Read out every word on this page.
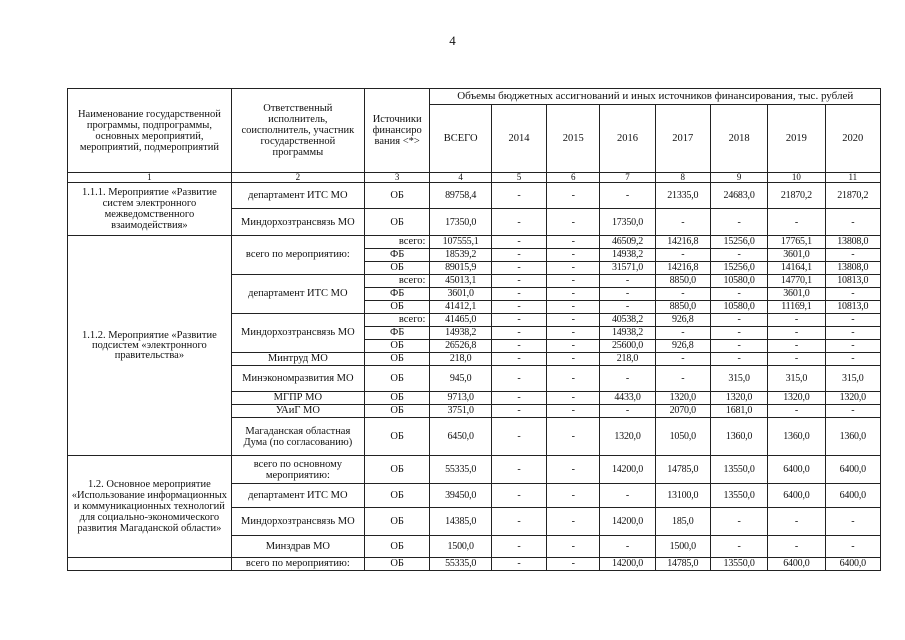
4
Наименование государственной программы, подпрограммы, основных мероприятий, мероприятий, подмероприятий	Ответственный исполнитель, соисполнитель, участник государственной программы	Источники финансиро вания <*>	Объемы бюджетных ассигнований и иных источников финансирования, тыс. рублей							
			ВСЕГО	2014	2015	2016	2017	2018	2019	2020
1	2	3	4	5	6	7	8	9	10	11
1.1.1. Мероприятие «Развитие систем электронного межведомственного взаимодействия»	департамент ИТС МО	ОБ	89758,4	-	-	-	21335,0	24683,0	21870,2	21870,2
	Миндорхозтрансвязь МО	ОБ	17350,0	-	-	17350,0	-	-	-	-
1.1.2. Мероприятие «Развитие подсистем «электронного правительства»	всего по мероприятию:	всего:	107555,1	-	-	46509,2	14216,8	15256,0	17765,1	13808,0
		ФБ	18539,2	-	-	14938,2	-	-	3601,0	-
		ОБ	89015,9	-	-	31571,0	14216,8	15256,0	14164,1	13808,0
	департамент ИТС МО	всего:	45013,1	-	-	-	8850,0	10580,0	14770,1	10813,0
		ФБ	3601,0	-	-	-	-	-	3601,0	-
		ОБ	41412,1	-	-	-	8850,0	10580,0	11169,1	10813,0
	Миндорхозтрансвязь МО	всего:	41465,0	-	-	40538,2	926,8	-	-	-
		ФБ	14938,2	-	-	14938,2	-	-	-	-
		ОБ	26526,8	-	-	25600,0	926,8	-	-	-
	Минтруд МО	ОБ	218,0	-	-	218,0	-	-	-	-
	Минэкономразвития МО	ОБ	945,0	-	-	-	-	315,0	315,0	315,0
	МГПР МО	ОБ	9713,0	-	-	4433,0	1320,0	1320,0	1320,0	1320,0
	УАиГ МО	ОБ	3751,0	-	-	-	2070,0	1681,0	-	-
	Магаданская областная Дума (по согласованию)	ОБ	6450,0	-	-	1320,0	1050,0	1360,0	1360,0	1360,0
1.2. Основное мероприятие «Использование информационных и коммуникационных технологий для социально-экономического развития Магаданской области»	всего по основному мероприятию:	ОБ	55335,0	-	-	14200,0	14785,0	13550,0	6400,0	6400,0
	департамент ИТС МО	ОБ	39450,0	-	-	-	13100,0	13550,0	6400,0	6400,0
	Миндорхозтрансвязь МО	ОБ	14385,0	-	-	14200,0	185,0	-	-	-
	Минздрав МО	ОБ	1500,0	-	-	-	1500,0	-	-	-
	всего по мероприятию:	ОБ	55335,0	-	-	14200,0	14785,0	13550,0	6400,0	6400,0
